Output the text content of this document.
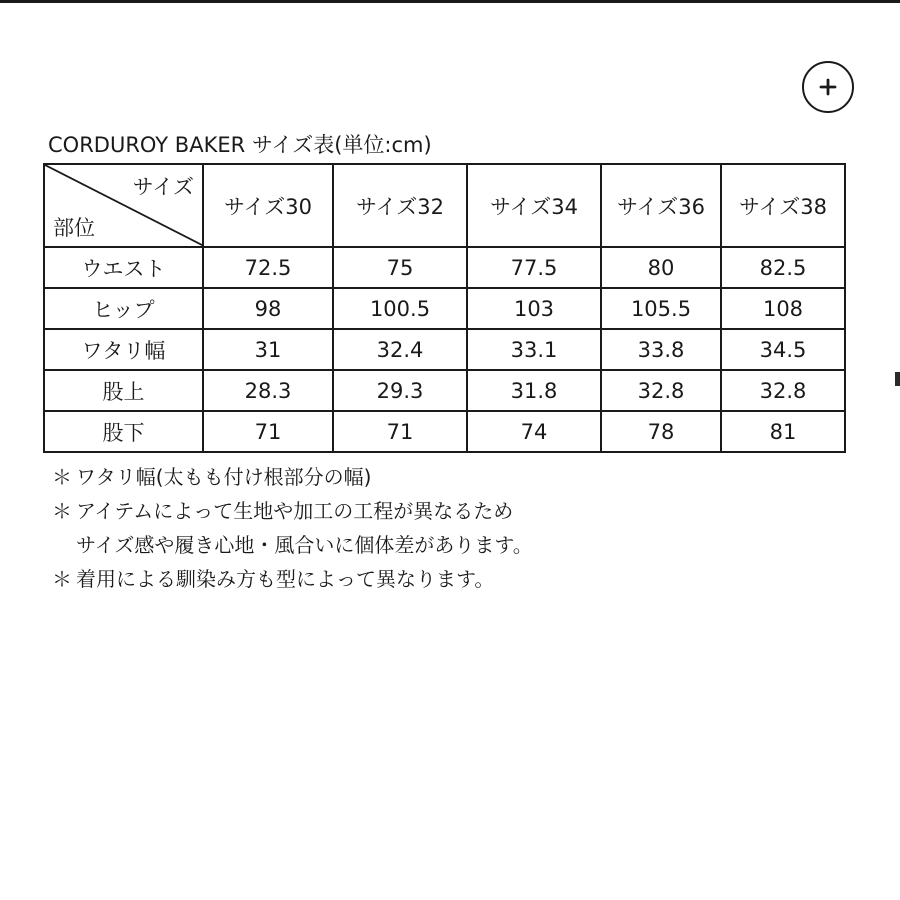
CORDUROY BAKER サイズ表(単位:cm)
サイズ
部位	サイズ30	サイズ32	サイズ34	サイズ36	サイズ38
ウエスト	72.5	75	77.5	80	82.5
ヒップ	98	100.5	103	105.5	108
ワタリ幅	31	32.4	33.1	33.8	34.5
股上	28.3	29.3	31.8	32.8	32.8
股下	71	71	74	78	81
＊ ワタリ幅(太もも付け根部分の幅)
＊ アイテムによって生地や加工の工程が異なるため
サイズ感や履き心地・風合いに個体差があります。
＊ 着用による馴染み方も型によって異なります。
